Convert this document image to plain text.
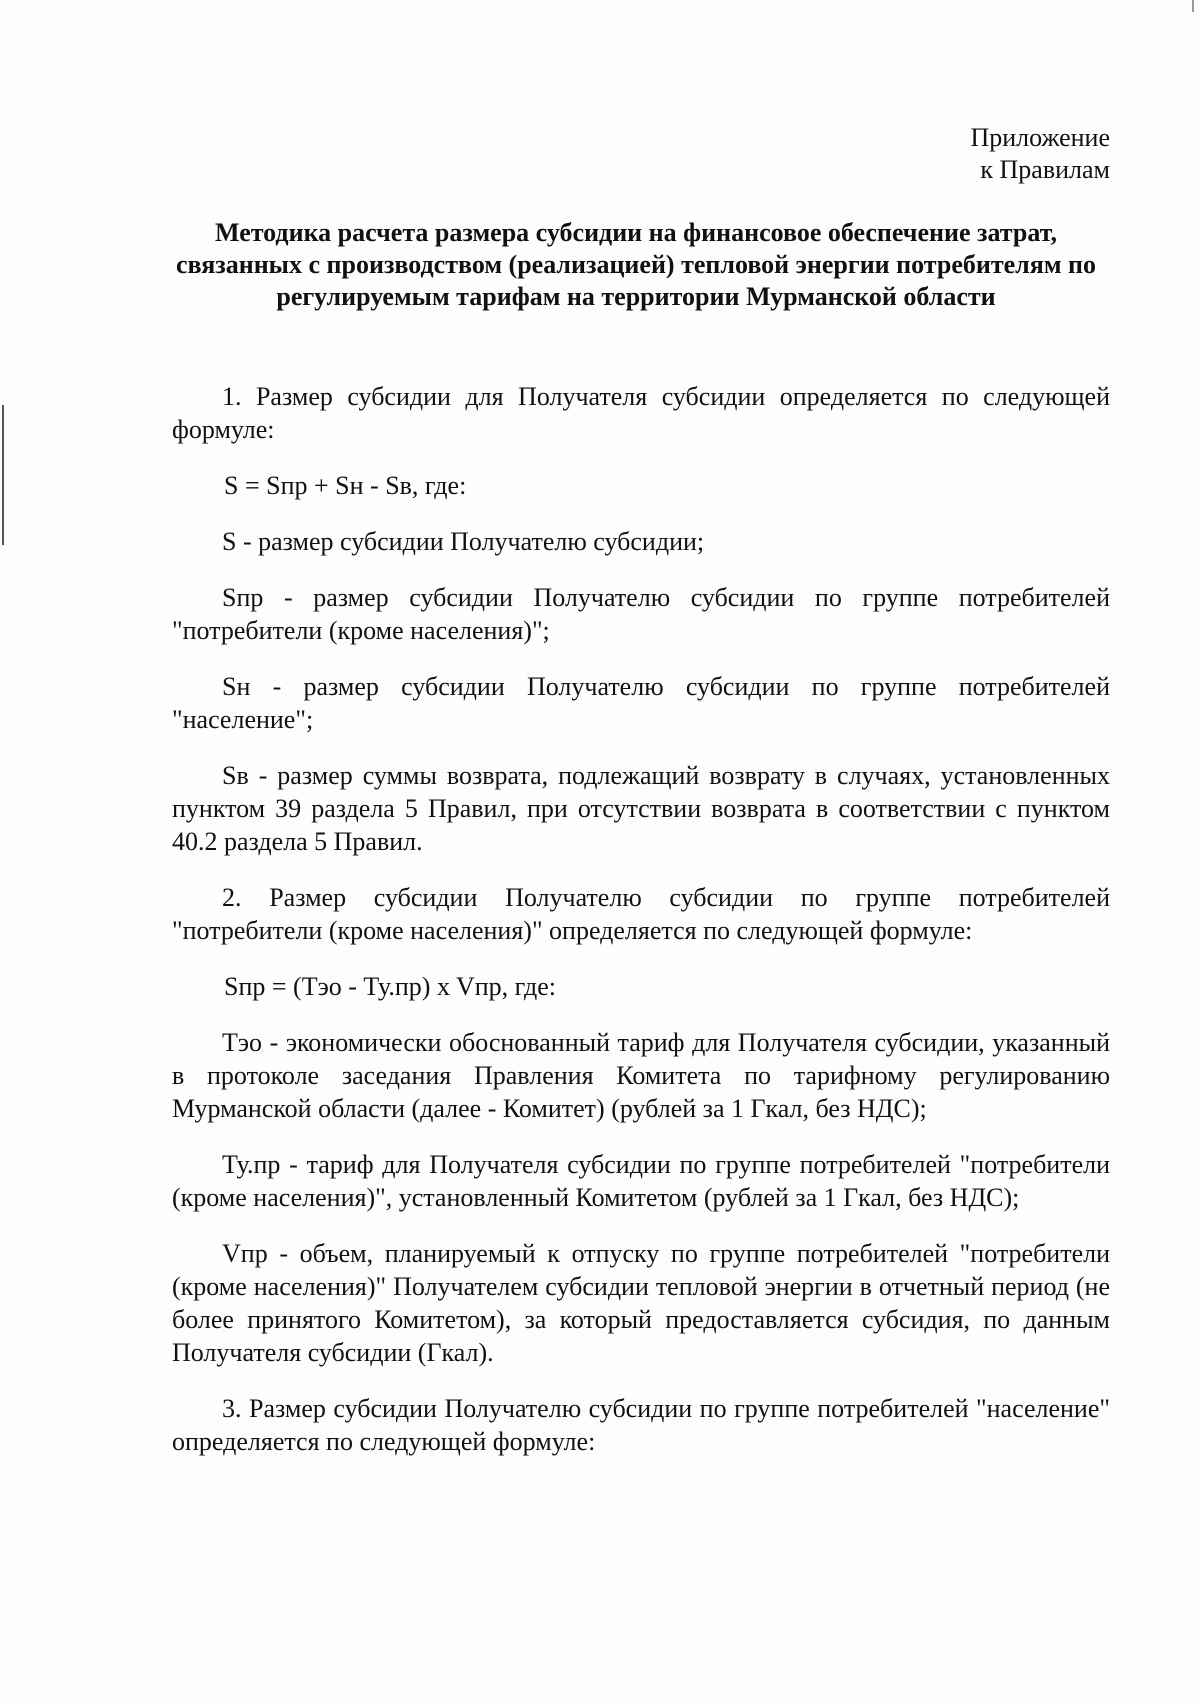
Приложение
к Правилам
Методика расчета размера субсидии на финансовое обеспечение затрат, связанных с производством (реализацией) тепловой энергии потребителям по регулируемым тарифам на территории Мурманской области

1. Размер субсидии для Получателя субсидии определяется по следующей формуле:

S = Sпр + Sн - Sв, где:

S - размер субсидии Получателю субсидии;

Sпр - размер субсидии Получателю субсидии по группе потребителей "потребители (кроме населения)";

Sн - размер субсидии Получателю субсидии по группе потребителей "население";

Sв - размер суммы возврата, подлежащий возврату в случаях, установленных пунктом 39 раздела 5 Правил, при отсутствии возврата в соответствии с пунктом 40.2 раздела 5 Правил.

2. Размер субсидии Получателю субсидии по группе потребителей "потребители (кроме населения)" определяется по следующей формуле:

Sпр = (Тэо - Ту.пр) x Vпр, где:

Тэо - экономически обоснованный тариф для Получателя субсидии, указанный в протоколе заседания Правления Комитета по тарифному регулированию Мурманской области (далее - Комитет) (рублей за 1 Гкал, без НДС);

Ту.пр - тариф для Получателя субсидии по группе потребителей "потребители (кроме населения)", установленный Комитетом (рублей за 1 Гкал, без НДС);

Vпр - объем, планируемый к отпуску по группе потребителей "потребители (кроме населения)" Получателем субсидии тепловой энергии в отчетный период (не более принятого Комитетом), за который предоставляется субсидия, по данным Получателя субсидии (Гкал).

3. Размер субсидии Получателю субсидии по группе потребителей "население" определяется по следующей формуле:
